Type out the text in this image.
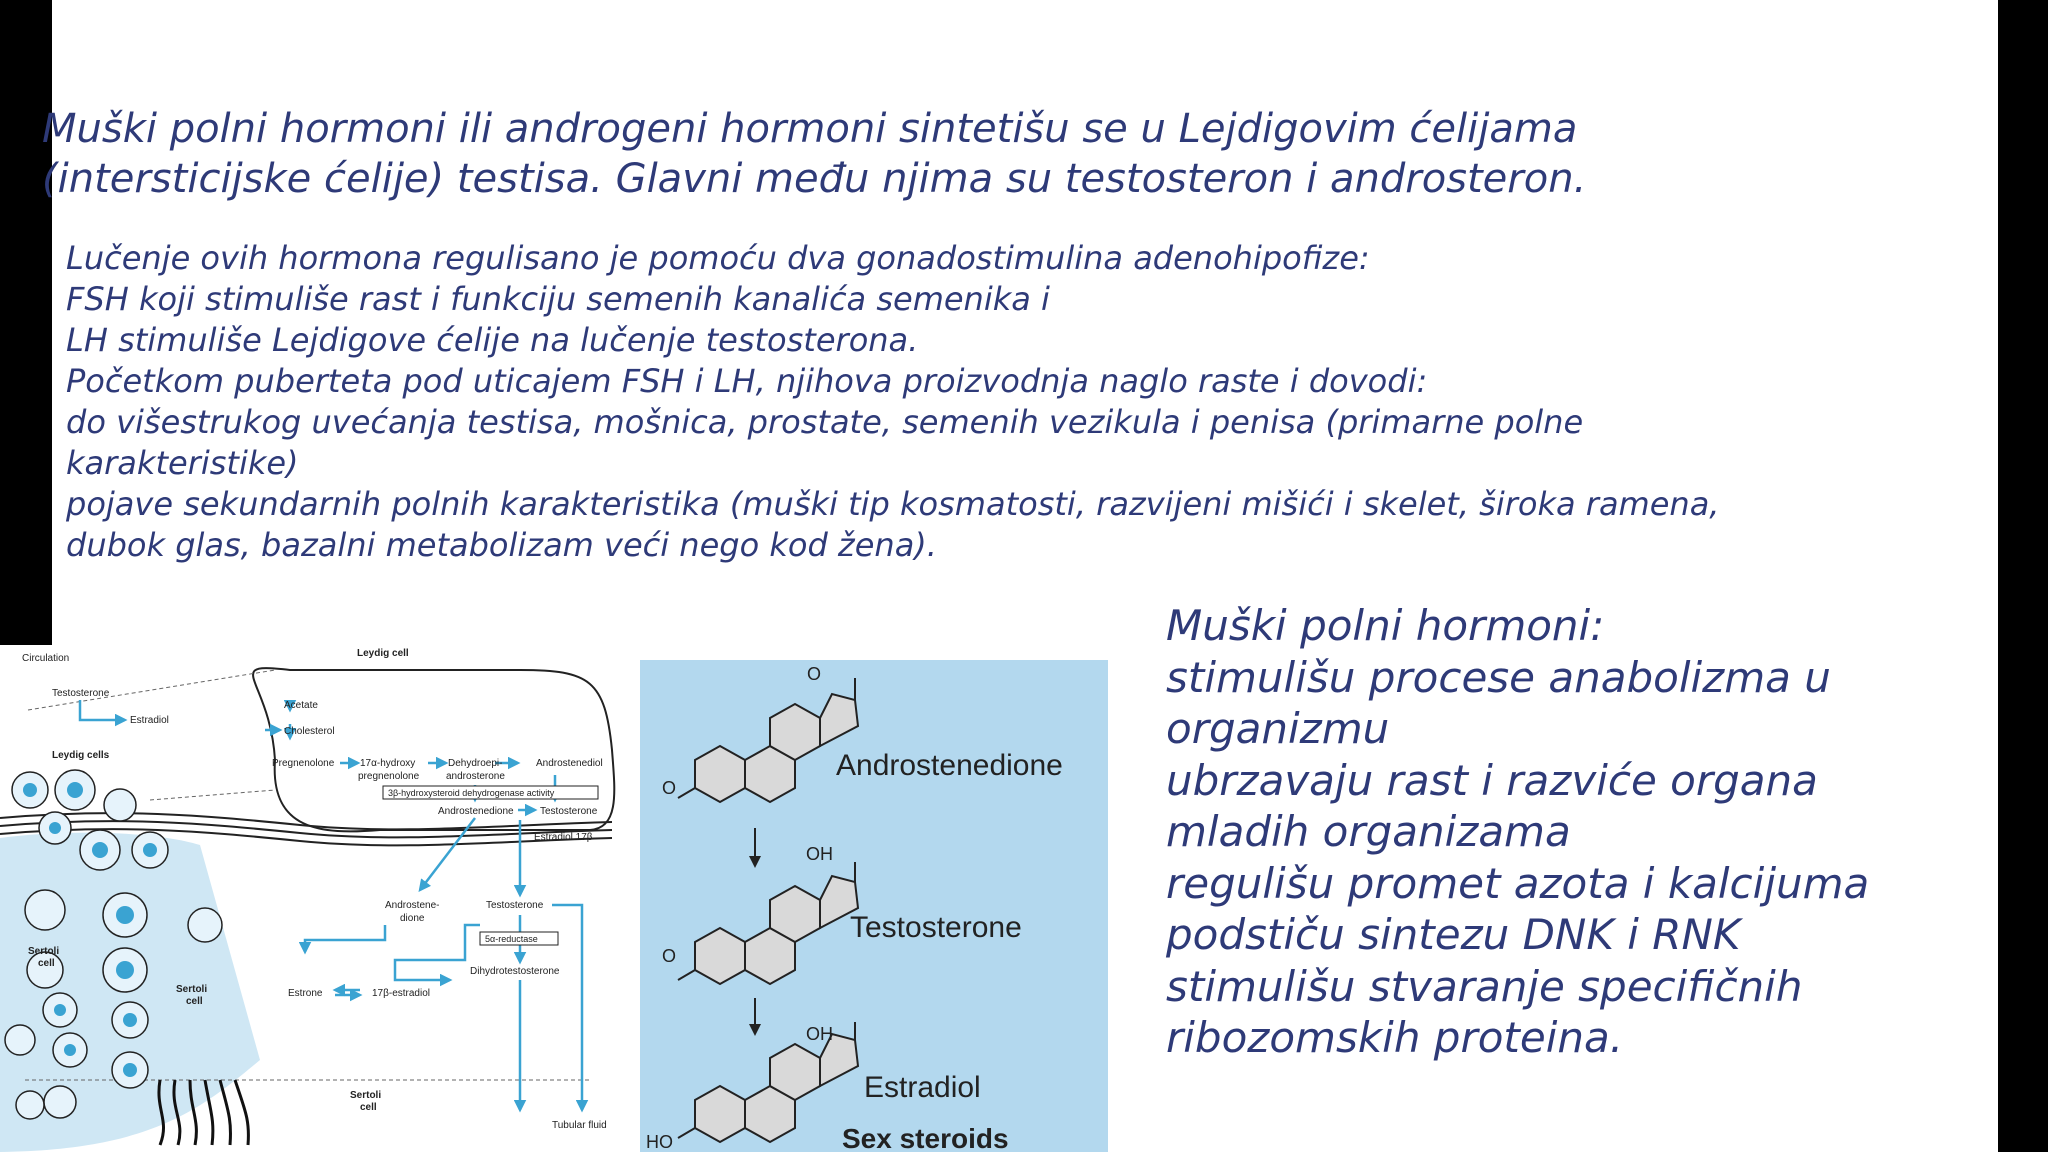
Muški polni hormoni ili androgeni hormoni sintetišu se u Lejdigovim ćelijama
(intersticijske ćelije) testisa. Glavni među njima su testosteron i androsteron.

Lučenje ovih hormona regulisano je pomoću dva gonadostimulina adenohipofize:
FSH koji stimuliše rast i funkciju semenih kanalića semenika i
LH stimuliše Lejdigove ćelije na lučenje testosterona.
Početkom puberteta pod uticajem FSH i LH, njihova proizvodnja naglo raste i dovodi:
do višestrukog uvećanja testisa, mošnica, prostate, semenih vezikula i penisa (primarne polne
karakteristike)
pojave sekundarnih polnih karakteristika (muški tip kosmatosti, razvijeni mišići i skelet, široka ramena,
dubok glas, bazalni metabolizam veći nego kod žena).
Muški polni hormoni:
stimulišu procese anabolizma u
organizmu
ubrzavaju rast i razviće organa
mladih organizama
regulišu promet azota i kalcijuma
podstiču sintezu DNK i RNK
stimulišu stvaranje specifičnih
ribozomskih proteina.
Circulation	Leydig cell
Testosterone
Estradiol
Leydig cells
Acetate
Cholesterol
Pregnenolone	17α-hydroxy
pregnenolone
Dehydroepi-
androsterone
Androstenediol
3β-hydroxysteroid dehydrogenase activity
Androstenedione	Testosterone
Estradiol 17β
Androstene-
dione
Testosterone
5α-reductase
Estrone	17β-estradiol
Dihydrotestosterone
Tubular fluid
Sertoli
cell
Sertoli
cell
Sertoli
cell
O
O
OH
O
OH
HO
Androstenedione
Testosterone
Estradiol
Sex steroids
